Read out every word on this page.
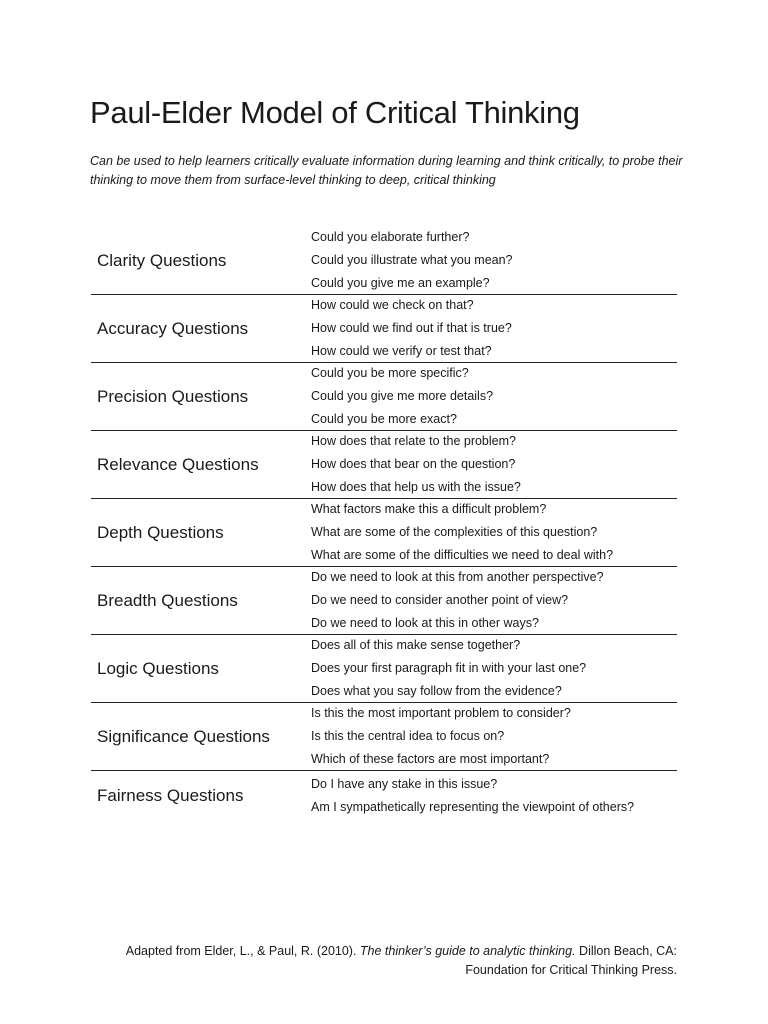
Paul-Elder Model of Critical Thinking

Can be used to help learners critically evaluate information during learning and think critically, to probe their thinking to move them from surface-level thinking to deep, critical thinking

Clarity Questions
Could you elaborate further?
Could you illustrate what you mean?
Could you give me an example?
Accuracy Questions
How could we check on that?
How could we find out if that is true?
How could we verify or test that?
Precision Questions
Could you be more specific?
Could you give me more details?
Could you be more exact?
Relevance Questions
How does that relate to the problem?
How does that bear on the question?
How does that help us with the issue?
Depth Questions
What factors make this a difficult problem?
What are some of the complexities of this question?
What are some of the difficulties we need to deal with?
Breadth Questions
Do we need to look at this from another perspective?
Do we need to consider another point of view?
Do we need to look at this in other ways?
Logic Questions
Does all of this make sense together?
Does your first paragraph fit in with your last one?
Does what you say follow from the evidence?
Significance Questions
Is this the most important problem to consider?
Is this the central idea to focus on?
Which of these factors are most important?
Fairness Questions
Do I have any stake in this issue?
Am I sympathetically representing the viewpoint of others?

Adapted from Elder, L., & Paul, R. (2010). The thinker’s guide to analytic thinking. Dillon Beach, CA:
Foundation for Critical Thinking Press.
